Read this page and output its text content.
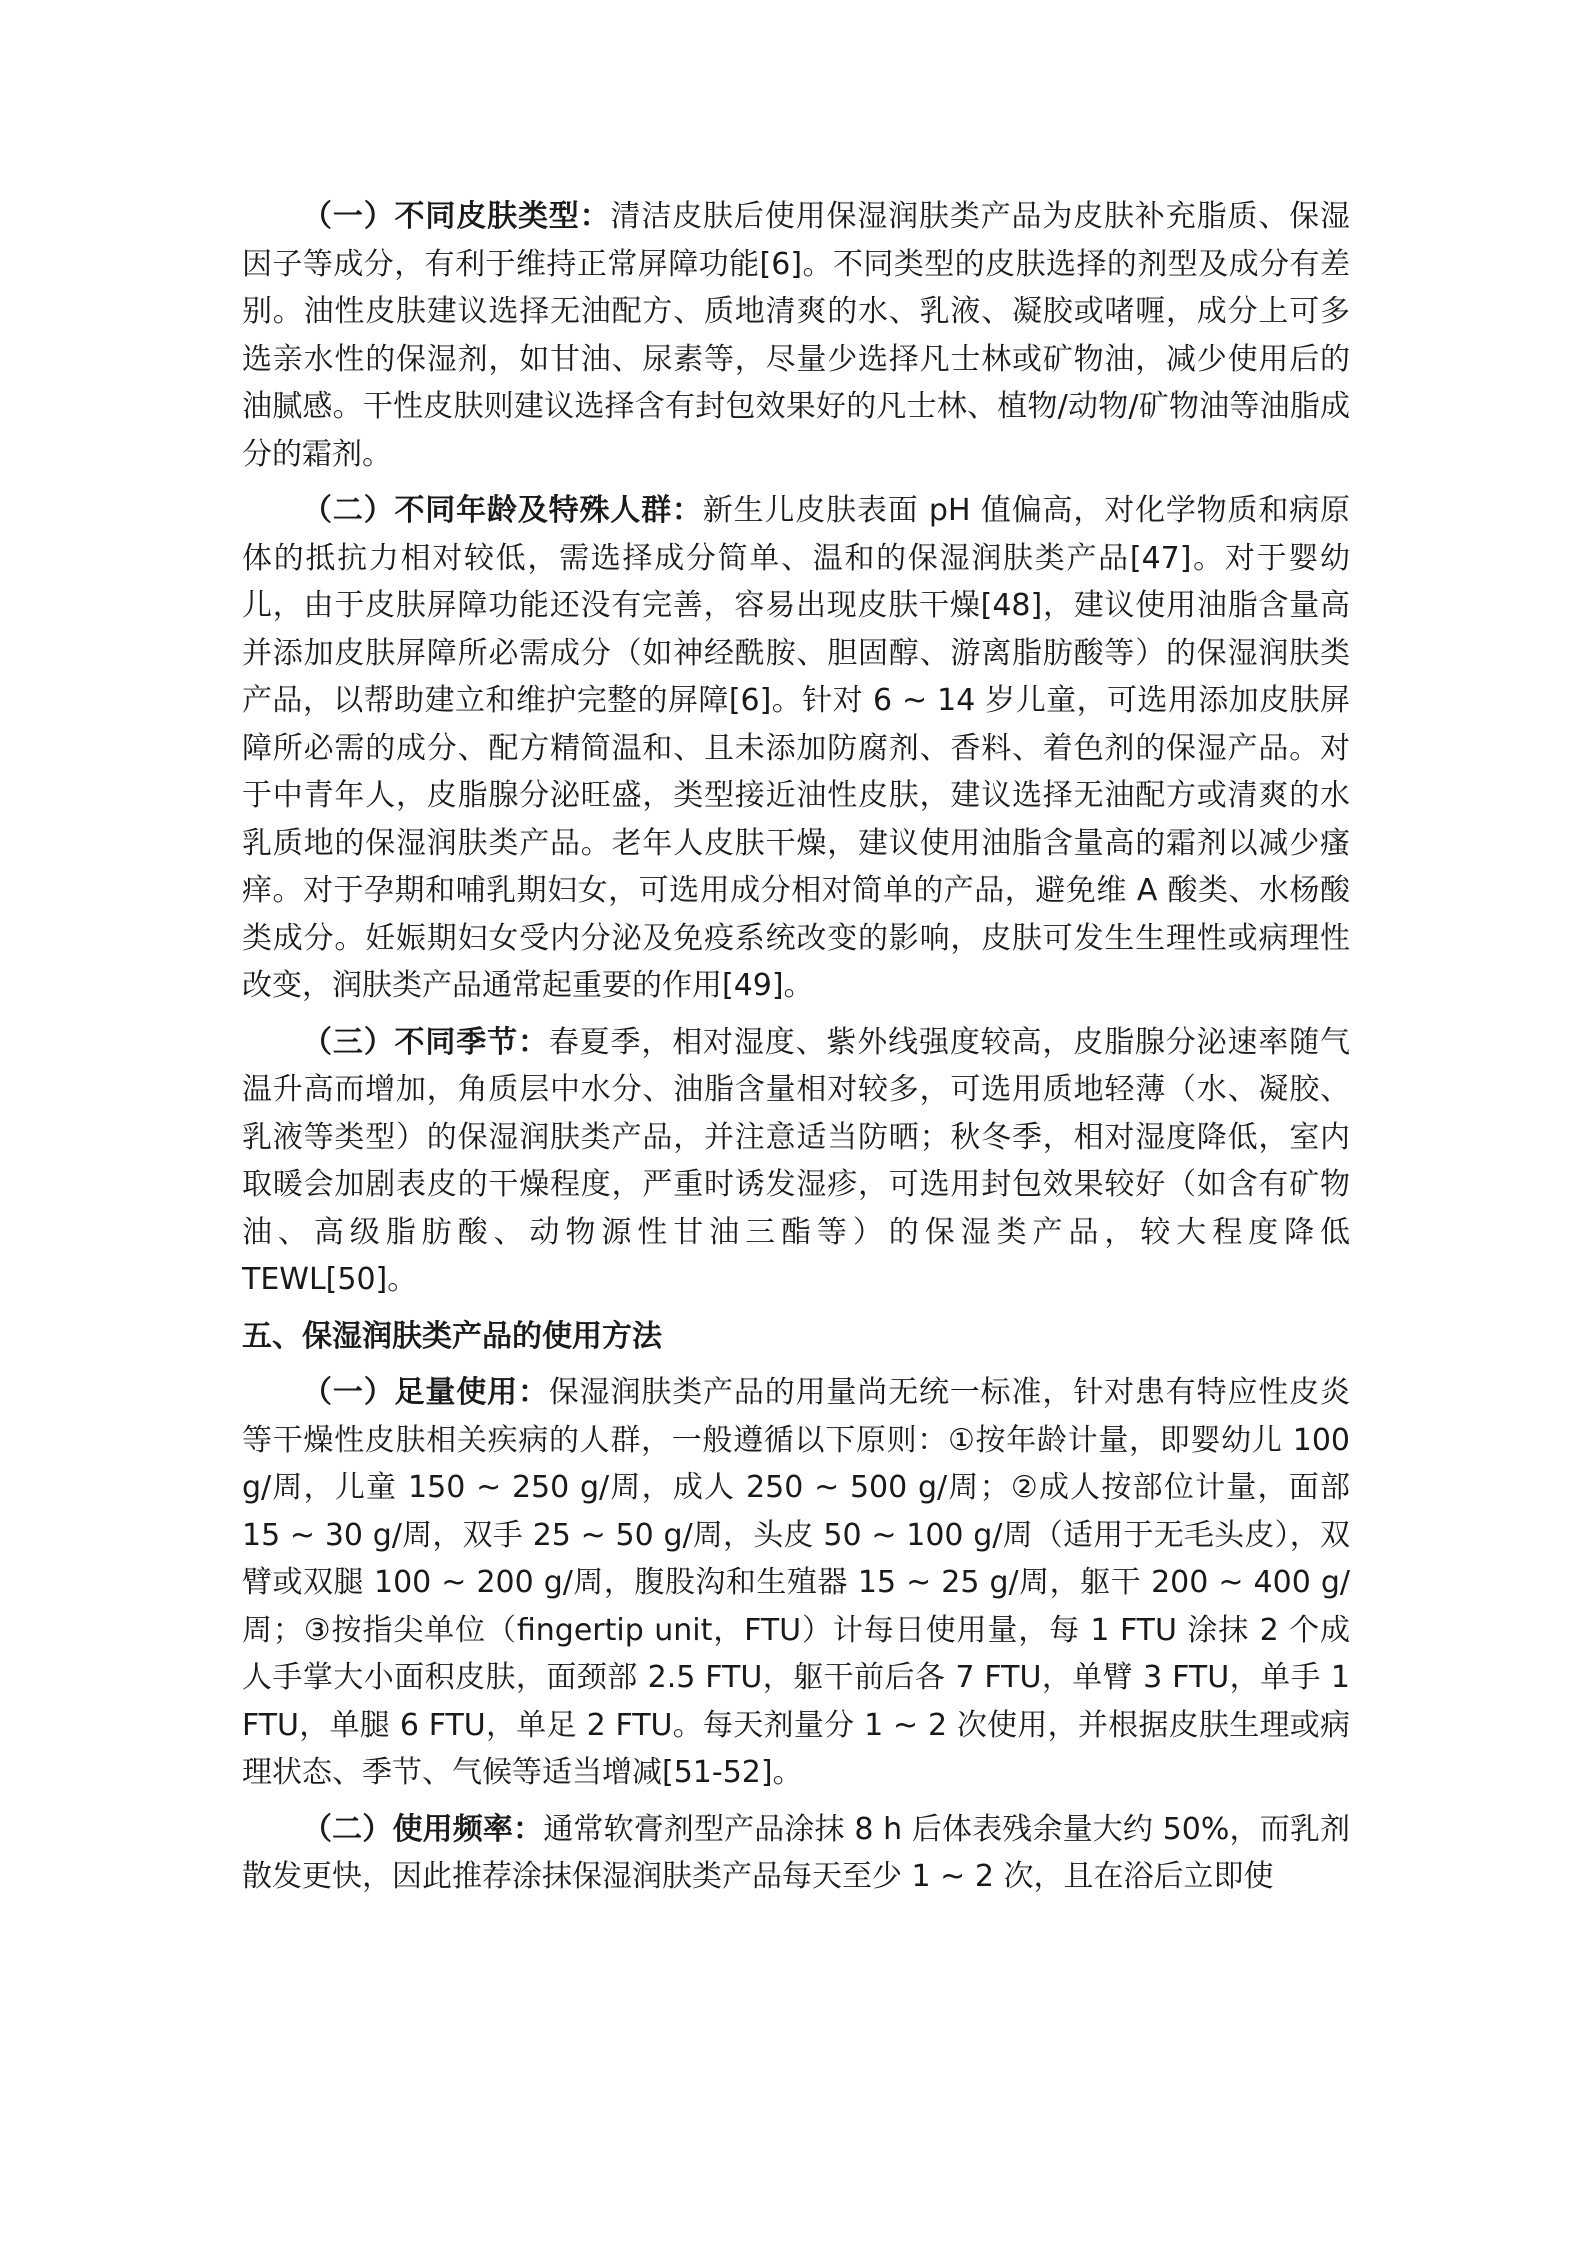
（一）不同皮肤类型：清洁皮肤后使用保湿润肤类产品为皮肤补充脂质、保湿因子等成分，有利于维持正常屏障功能[6]。不同类型的皮肤选择的剂型及成分有差别。油性皮肤建议选择无油配方、质地清爽的水、乳液、凝胶或啫喱，成分上可多选亲水性的保湿剂，如甘油、尿素等，尽量少选择凡士林或矿物油，减少使用后的油腻感。干性皮肤则建议选择含有封包效果好的凡士林、植物/动物/矿物油等油脂成分的霜剂。

（二）不同年龄及特殊人群：新生儿皮肤表面 pH 值偏高，对化学物质和病原体的抵抗力相对较低，需选择成分简单、温和的保湿润肤类产品[47]。对于婴幼儿，由于皮肤屏障功能还没有完善，容易出现皮肤干燥[48]，建议使用油脂含量高并添加皮肤屏障所必需成分（如神经酰胺、胆固醇、游离脂肪酸等）的保湿润肤类产品，以帮助建立和维护完整的屏障[6]。针对 6 ~ 14 岁儿童，可选用添加皮肤屏障所必需的成分、配方精简温和、且未添加防腐剂、香料、着色剂的保湿产品。对于中青年人，皮脂腺分泌旺盛，类型接近油性皮肤，建议选择无油配方或清爽的水乳质地的保湿润肤类产品。老年人皮肤干燥，建议使用油脂含量高的霜剂以减少瘙痒。对于孕期和哺乳期妇女，可选用成分相对简单的产品，避免维 A 酸类、水杨酸类成分。妊娠期妇女受内分泌及免疫系统改变的影响，皮肤可发生生理性或病理性改变，润肤类产品通常起重要的作用[49]。

（三）不同季节：春夏季，相对湿度、紫外线强度较高，皮脂腺分泌速率随气温升高而增加，角质层中水分、油脂含量相对较多，可选用质地轻薄（水、凝胶、乳液等类型）的保湿润肤类产品，并注意适当防晒；秋冬季，相对湿度降低，室内取暖会加剧表皮的干燥程度，严重时诱发湿疹，可选用封包效果较好（如含有矿物油、高级脂肪酸、动物源性甘油三酯等）的保湿类产品，较大程度降低 TEWL[50]。

五、保湿润肤类产品的使用方法

（一）足量使用：保湿润肤类产品的用量尚无统一标准，针对患有特应性皮炎等干燥性皮肤相关疾病的人群，一般遵循以下原则：①按年龄计量，即婴幼儿 100 g/周，儿童 150 ~ 250 g/周，成人 250 ~ 500 g/周；②成人按部位计量，面部 15 ~ 30 g/周，双手 25 ~ 50 g/周，头皮 50 ~ 100 g/周（适用于无毛头皮），双臂或双腿 100 ~ 200 g/周，腹股沟和生殖器 15 ~ 25 g/周，躯干 200 ~ 400 g/周；③按指尖单位（fingertip unit，FTU）计每日使用量，每 1 FTU 涂抹 2 个成人手掌大小面积皮肤，面颈部 2.5 FTU，躯干前后各 7 FTU，单臂 3 FTU，单手 1 FTU，单腿 6 FTU，单足 2 FTU。每天剂量分 1 ~ 2 次使用，并根据皮肤生理或病理状态、季节、气候等适当增减[51-52]。

（二）使用频率：通常软膏剂型产品涂抹 8 h 后体表残余量大约 50%，而乳剂散发更快，因此推荐涂抹保湿润肤类产品每天至少 1 ~ 2 次，且在浴后立即使
